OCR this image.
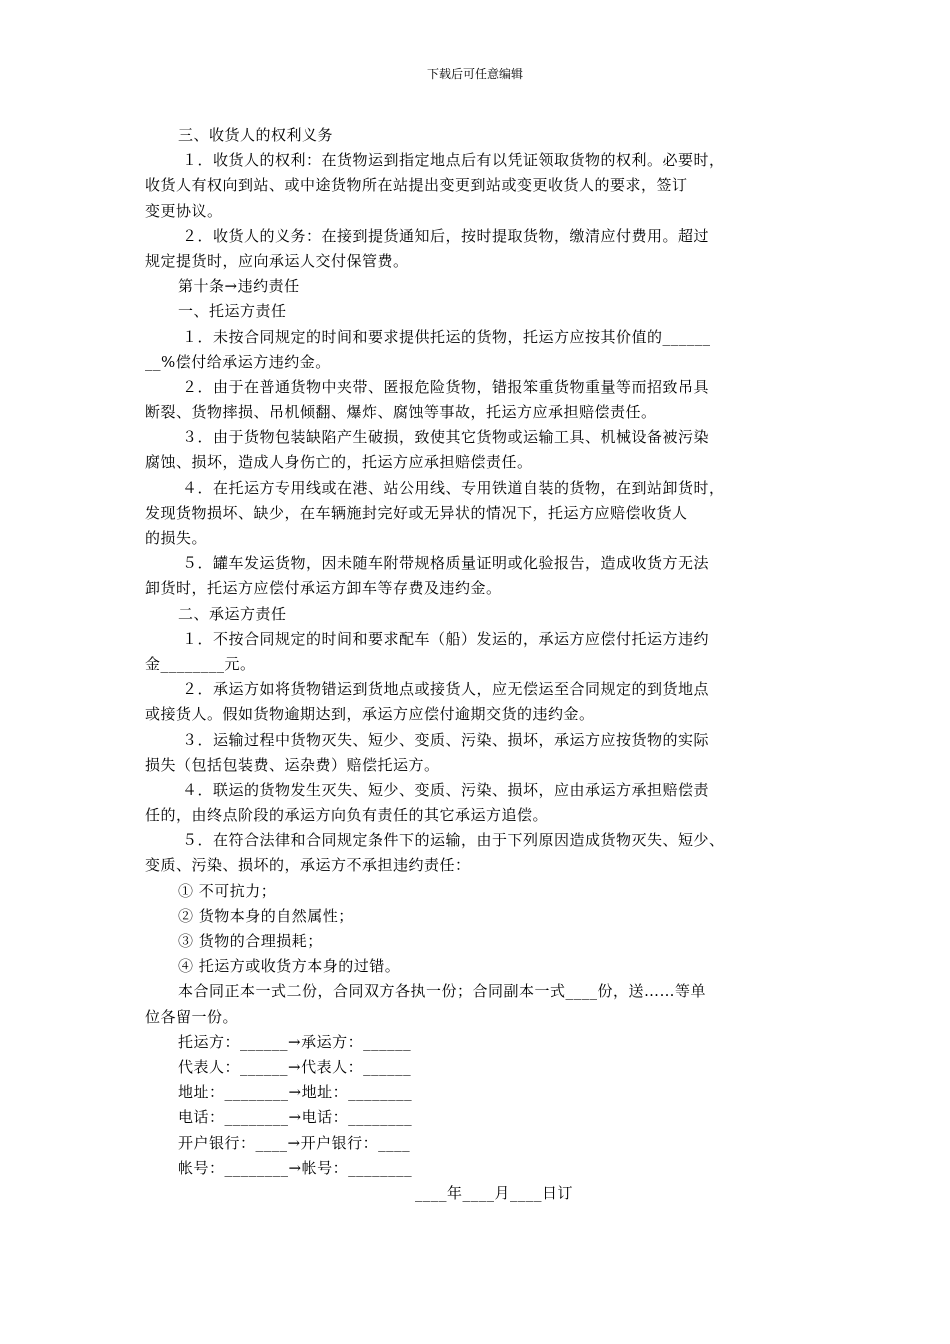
下载后可任意编辑
三、收货人的权利义务
１．收货人的权利：在货物运到指定地点后有以凭证领取货物的权利。必要时，
收货人有权向到站、或中途货物所在站提出变更到站或变更收货人的要求，签订
变更协议。
２．收货人的义务：在接到提货通知后，按时提取货物，缴清应付费用。超过
规定提货时，应向承运人交付保管费。
第十条→违约责任
一、托运方责任
１．未按合同规定的时间和要求提供托运的货物，托运方应按其价值的______
__%偿付给承运方违约金。
２．由于在普通货物中夹带、匿报危险货物，错报笨重货物重量等而招致吊具
断裂、货物摔损、吊机倾翻、爆炸、腐蚀等事故，托运方应承担赔偿责任。
３．由于货物包装缺陷产生破损，致使其它货物或运输工具、机械设备被污染
腐蚀、损坏，造成人身伤亡的，托运方应承担赔偿责任。
４．在托运方专用线或在港、站公用线、专用铁道自装的货物，在到站卸货时，
发现货物损坏、缺少，在车辆施封完好或无异状的情况下，托运方应赔偿收货人
的损失。
５．罐车发运货物，因未随车附带规格质量证明或化验报告，造成收货方无法
卸货时，托运方应偿付承运方卸车等存费及违约金。
二、承运方责任
１．不按合同规定的时间和要求配车（船）发运的，承运方应偿付托运方违约
金________元。
２．承运方如将货物错运到货地点或接货人，应无偿运至合同规定的到货地点
或接货人。假如货物逾期达到，承运方应偿付逾期交货的违约金。
３．运输过程中货物灭失、短少、变质、污染、损坏，承运方应按货物的实际
损失（包括包装费、运杂费）赔偿托运方。
４．联运的货物发生灭失、短少、变质、污染、损坏，应由承运方承担赔偿责
任的，由终点阶段的承运方向负有责任的其它承运方追偿。
５．在符合法律和合同规定条件下的运输，由于下列原因造成货物灭失、短少、
变质、污染、损坏的，承运方不承担违约责任：
① 不可抗力；
② 货物本身的自然属性；
③ 货物的合理损耗；
④ 托运方或收货方本身的过错。
本合同正本一式二份，合同双方各执一份；合同副本一式____份，送……等单
位各留一份。
托运方：______→承运方：______
代表人：______→代表人：______
地址：________→地址：________
电话：________→电话：________
开户银行：____→开户银行：____
帐号：________→帐号：________
____年____月____日订
